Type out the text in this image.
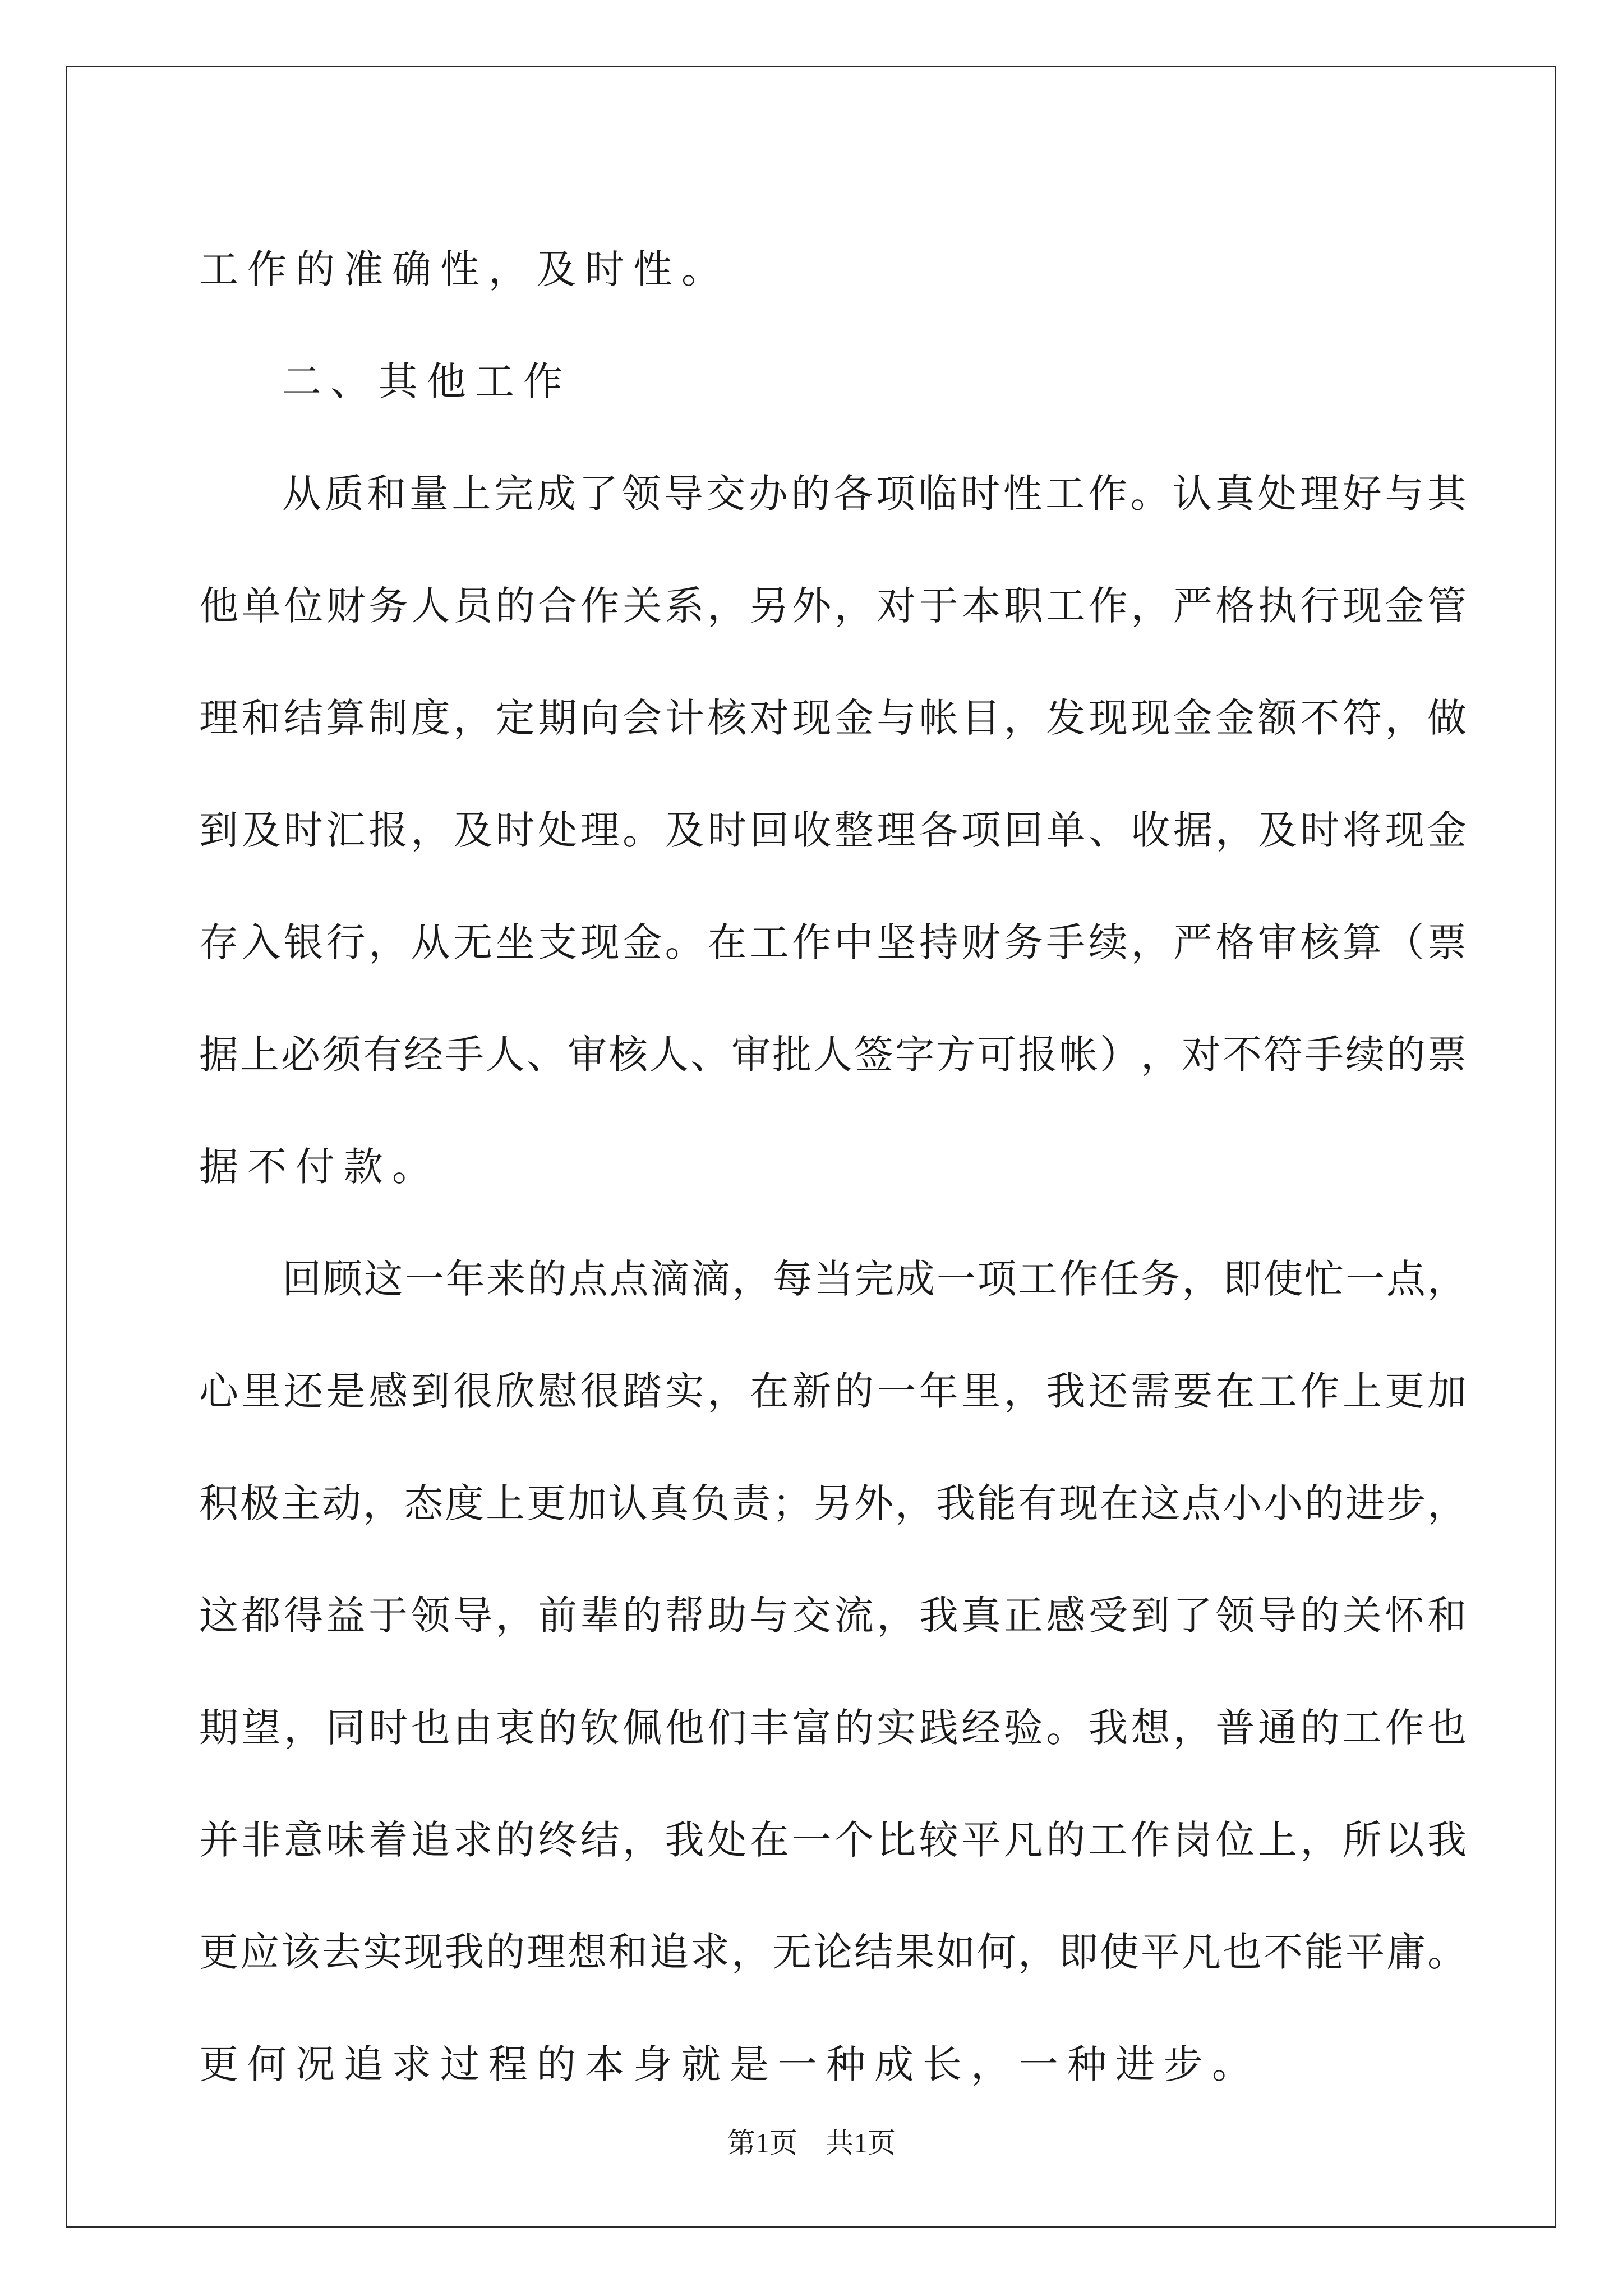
工作的准确性，及时性。
二、其他工作
从 质 和 量 上 完 成 了 领 导 交 办 的 各 项 临 时 性 工 作 。 认 真 处 理 好 与 其
他 单 位 财 务 人 员 的 合 作 关 系 ， 另 外 ， 对 于 本 职 工 作 ， 严 格 执 行 现 金 管
理 和 结 算 制 度 ， 定 期 向 会 计 核 对 现 金 与 帐 目 ， 发 现 现 金 金 额 不 符 ， 做
到 及 时 汇 报 ， 及 时 处 理 。 及 时 回 收 整 理 各 项 回 单 、 收 据 ， 及 时 将 现 金
存 入 银 行 ， 从 无 坐 支 现 金 。 在 工 作 中 坚 持 财 务 手 续 ， 严 格 审 核 算 （ 票
据 上 必 须 有 经 手 人 、 审 核 人 、 审 批 人 签 字 方 可 报 帐 ） ， 对 不 符 手 续 的 票
据不付款。
回 顾 这 一 年 来 的 点 点 滴 滴 ， 每 当 完 成 一 项 工 作 任 务 ， 即 使 忙 一 点 ，
心 里 还 是 感 到 很 欣 慰 很 踏 实 ， 在 新 的 一 年 里 ， 我 还 需 要 在 工 作 上 更 加
积 极 主 动 ， 态 度 上 更 加 认 真 负 责 ； 另 外 ， 我 能 有 现 在 这 点 小 小 的 进 步 ，
这 都 得 益 于 领 导 ， 前 辈 的 帮 助 与 交 流 ， 我 真 正 感 受 到 了 领 导 的 关 怀 和
期 望 ， 同 时 也 由 衷 的 钦 佩 他 们 丰 富 的 实 践 经 验 。 我 想 ， 普 通 的 工 作 也
并 非 意 味 着 追 求 的 终 结 ， 我 处 在 一 个 比 较 平 凡 的 工 作 岗 位 上 ， 所 以 我
更 应 该 去 实 现 我 的 理 想 和 追 求 ， 无 论 结 果 如 何 ， 即 使 平 凡 也 不 能 平 庸 。
更何况追求过程的本身就是一种成长，一种进步。
第1页　共1页
